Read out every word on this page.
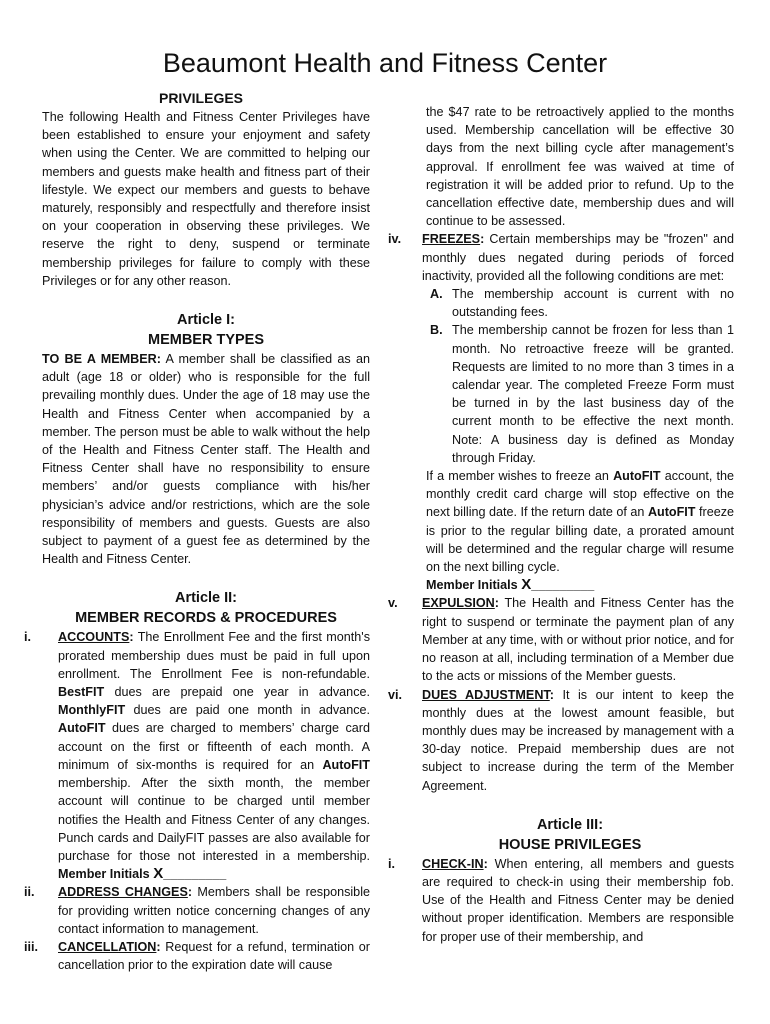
Beaumont Health and Fitness Center
PRIVILEGES

The following Health and Fitness Center Privileges have been established to ensure your enjoyment and safety when using the Center. We are committed to helping our members and guests make health and fitness part of their lifestyle. We expect our members and guests to behave maturely, responsibly and respectfully and therefore insist on your cooperation in observing these privileges. We reserve the right to deny, suspend or terminate membership privileges for failure to comply with these Privileges or for any other reason.

Article I:
MEMBER TYPES

TO BE A MEMBER: A member shall be classified as an adult (age 18 or older) who is responsible for the full prevailing monthly dues. Under the age of 18 may use the Health and Fitness Center when accompanied by a member. The person must be able to walk without the help of the Health and Fitness Center staff. The Health and Fitness Center shall have no responsibility to ensure members’ and/or guests compliance with his/her physician’s advice and/or restrictions, which are the sole responsibility of members and guests. Guests are also subject to payment of a guest fee as determined by the Health and Fitness Center.

Article II:
MEMBER RECORDS & PROCEDURES
i.	ACCOUNTS: The Enrollment Fee and the first month's prorated membership dues must be paid in full upon enrollment. The Enrollment Fee is non-refundable. BestFIT dues are prepaid one year in advance. MonthlyFIT dues are paid one month in advance. AutoFIT dues are charged to members’ charge card account on the first or fifteenth of each month. A minimum of six-months is required for an AutoFIT membership. After the sixth month, the member account will continue to be charged until member notifies the Health and Fitness Center of any changes. Punch cards and DailyFIT passes are also available for purchase for those not interested in a membership. Member Initials X_________
ii.	ADDRESS CHANGES: Members shall be responsible for providing written notice concerning changes of any contact information to management.
iii.	CANCELLATION: Request for a refund, termination or cancellation prior to the expiration date will cause

the $47 rate to be retroactively applied to the months used. Membership cancellation will be effective 30 days from the next billing cycle after management’s approval. If enrollment fee was waived at time of registration it will be added prior to refund. Up to the cancellation effective date, membership dues and will continue to be assessed.

iv.	FREEZES: Certain memberships may be "frozen" and monthly dues negated during periods of forced inactivity, provided all the following conditions are met:
A. The membership account is current with no outstanding fees.
B. The membership cannot be frozen for less than 1 month. No retroactive freeze will be granted. Requests are limited to no more than 3 times in a calendar year. The completed Freeze Form must be turned in by the last business day of the current month to be effective the next month. Note: A business day is defined as Monday through Friday.

If a member wishes to freeze an AutoFIT account, the monthly credit card charge will stop effective on the next billing date. If the return date of an AutoFIT freeze is prior to the regular billing date, a prorated amount will be determined and the regular charge will resume on the next billing cycle.

Member Initials X_________
v.	EXPULSION: The Health and Fitness Center has the right to suspend or terminate the payment plan of any Member at any time, with or without prior notice, and for no reason at all, including termination of a Member due to the acts or missions of the Member guests.
vi.	DUES ADJUSTMENT: It is our intent to keep the monthly dues at the lowest amount feasible, but monthly dues may be increased by management with a 30-day notice. Prepaid membership dues are not subject to increase during the term of the Member Agreement.
Article III:
HOUSE PRIVILEGES
i.	CHECK-IN: When entering, all members and guests are required to check-in using their membership fob. Use of the Health and Fitness Center may be denied without proper identification. Members are responsible for proper use of their membership, and
